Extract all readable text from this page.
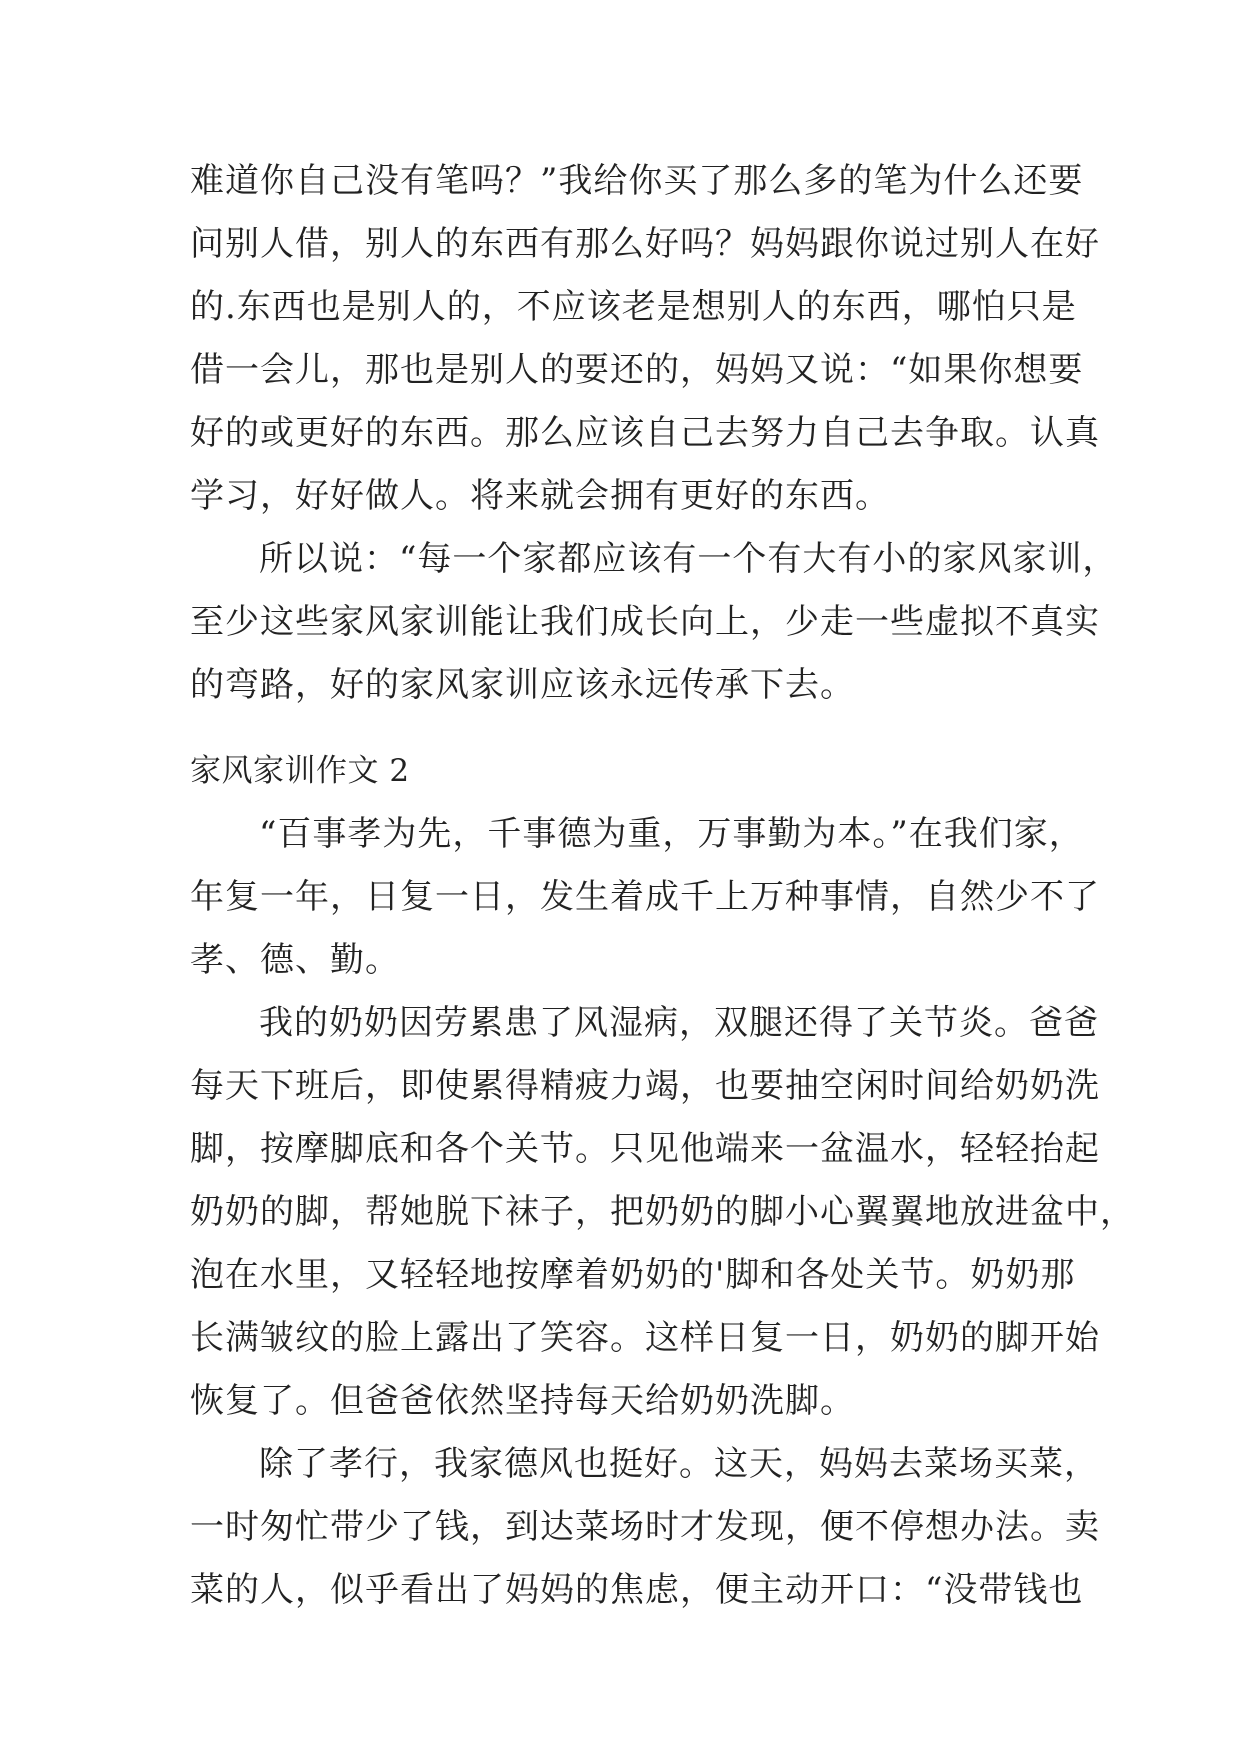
难道你自己没有笔吗？”我给你买了那么多的笔为什么还要
问别人借，别人的东西有那么好吗？妈妈跟你说过别人在好
的.东西也是别人的，不应该老是想别人的东西，哪怕只是
借一会儿，那也是别人的要还的，妈妈又说：“如果你想要
好的或更好的东西。那么应该自己去努力自己去争取。认真
学习，好好做人。将来就会拥有更好的东西。
所以说：“每一个家都应该有一个有大有小的家风家训，
至少这些家风家训能让我们成长向上，少走一些虚拟不真实
的弯路，好的家风家训应该永远传承下去。
家风家训作文 2
“百事孝为先，千事德为重，万事勤为本。”在我们家，
年复一年，日复一日，发生着成千上万种事情，自然少不了
孝、德、勤。
我的奶奶因劳累患了风湿病，双腿还得了关节炎。爸爸
每天下班后，即使累得精疲力竭，也要抽空闲时间给奶奶洗
脚，按摩脚底和各个关节。只见他端来一盆温水，轻轻抬起
奶奶的脚，帮她脱下袜子，把奶奶的脚小心翼翼地放进盆中，
泡在水里，又轻轻地按摩着奶奶的'脚和各处关节。奶奶那
长满皱纹的脸上露出了笑容。这样日复一日，奶奶的脚开始
恢复了。但爸爸依然坚持每天给奶奶洗脚。
除了孝行，我家德风也挺好。这天，妈妈去菜场买菜，
一时匆忙带少了钱，到达菜场时才发现，便不停想办法。卖
菜的人，似乎看出了妈妈的焦虑，便主动开口：“没带钱也
